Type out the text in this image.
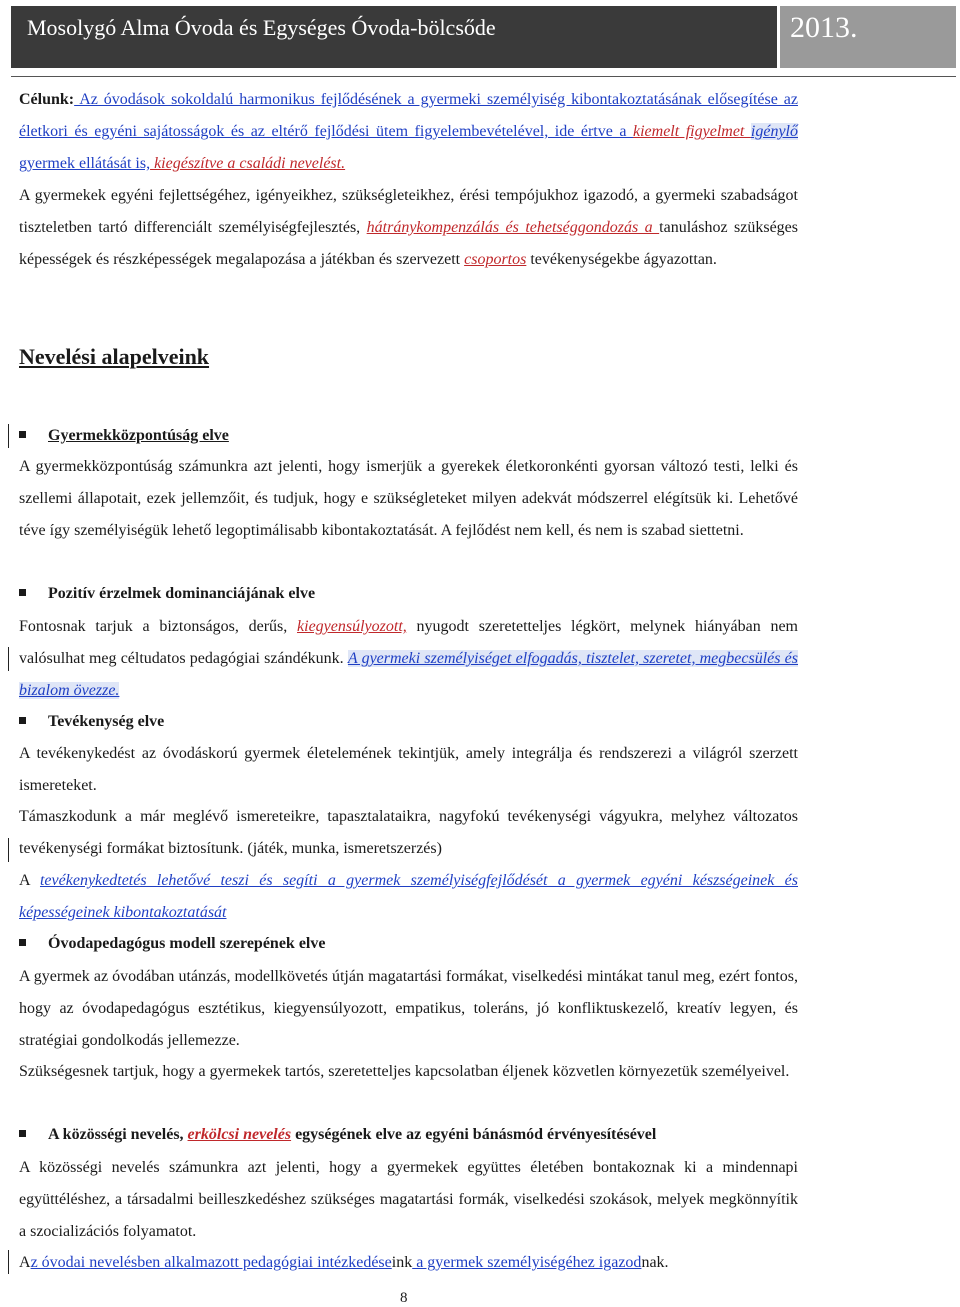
Mosolygó Alma Óvoda és Egységes Óvoda-bölcsőde	2013.
Célunk: Az óvodások sokoldalú harmonikus fejlődésének a gyermeki személyiség kibontakoztatásának elősegítése az életkori és egyéni sajátosságok és az eltérő fejlődési ütem figyelembevételével, ide értve a kiemelt figyelmet igénylő gyermek ellátását is, kiegészítve a családi nevelést.
A gyermekek egyéni fejlettségéhez, igényeikhez, szükségleteikhez, érési tempójukhoz igazodó, a gyermeki szabadságot tiszteletben tartó differenciált személyiségfejlesztés, hátránykompenzálás és tehetséggondozás a tanuláshoz szükséges képességek és részképességek megalapozása a játékban és szervezett csoportos tevékenységekbe ágyazottan.
Nevelési alapelveink
Gyermekközpontúság elve
A gyermekközpontúság számunkra azt jelenti, hogy ismerjük a gyerekek életkoronkénti gyorsan változó testi, lelki és szellemi állapotait, ezek jellemzőit, és tudjuk, hogy e szükségleteket milyen adekvát módszerrel elégítsük ki. Lehetővé téve így személyiségük lehető legoptimálisabb kibontakoztatását. A fejlődést nem kell, és nem is szabad siettetni.
Pozitív érzelmek dominanciájának elve
Fontosnak tarjuk a biztonságos, derűs, kiegyensúlyozott, nyugodt szeretetteljes légkört, melynek hiányában nem valósulhat meg céltudatos pedagógiai szándékunk. A gyermeki személyiséget elfogadás, tisztelet, szeretet, megbecsülés és bizalom övezze.
Tevékenység elve
A tevékenykedést az óvodáskorú gyermek életelemének tekintjük, amely integrálja és rendszerezi a világról szerzett ismereteket.
Támaszkodunk a már meglévő ismereteikre, tapasztalataikra, nagyfokú tevékenységi vágyukra, melyhez változatos tevékenységi formákat biztosítunk. (játék, munka, ismeretszerzés)
A tevékenykedtetés lehetővé teszi és segíti a gyermek személyiségfejlődését a gyermek egyéni készségeinek és képességeinek kibontakoztatását
Óvodapedagógus modell szerepének elve
A gyermek az óvodában utánzás, modellkövetés útján magatartási formákat, viselkedési mintákat tanul meg, ezért fontos, hogy az óvodapedagógus esztétikus, kiegyensúlyozott, empatikus, toleráns, jó konfliktuskezelő, kreatív legyen, és stratégiai gondolkodás jellemezze.
Szükségesnek tartjuk, hogy a gyermekek tartós, szeretetteljes kapcsolatban éljenek közvetlen környezetük személyeivel.
A közösségi nevelés, erkölcsi nevelés egységének elve az egyéni bánásmód érvényesítésével
A közösségi nevelés számunkra azt jelenti, hogy a gyermekek együttes életében bontakoznak ki a mindennapi együttéléshez, a társadalmi beilleszkedéshez szükséges magatartási formák, viselkedési szokások, melyek megkönnyítik a szocializációs folyamatot.
Az óvodai nevelésben alkalmazott pedagógiai intézkedéseink a gyermek személyiségéhez igazodnak.
8
